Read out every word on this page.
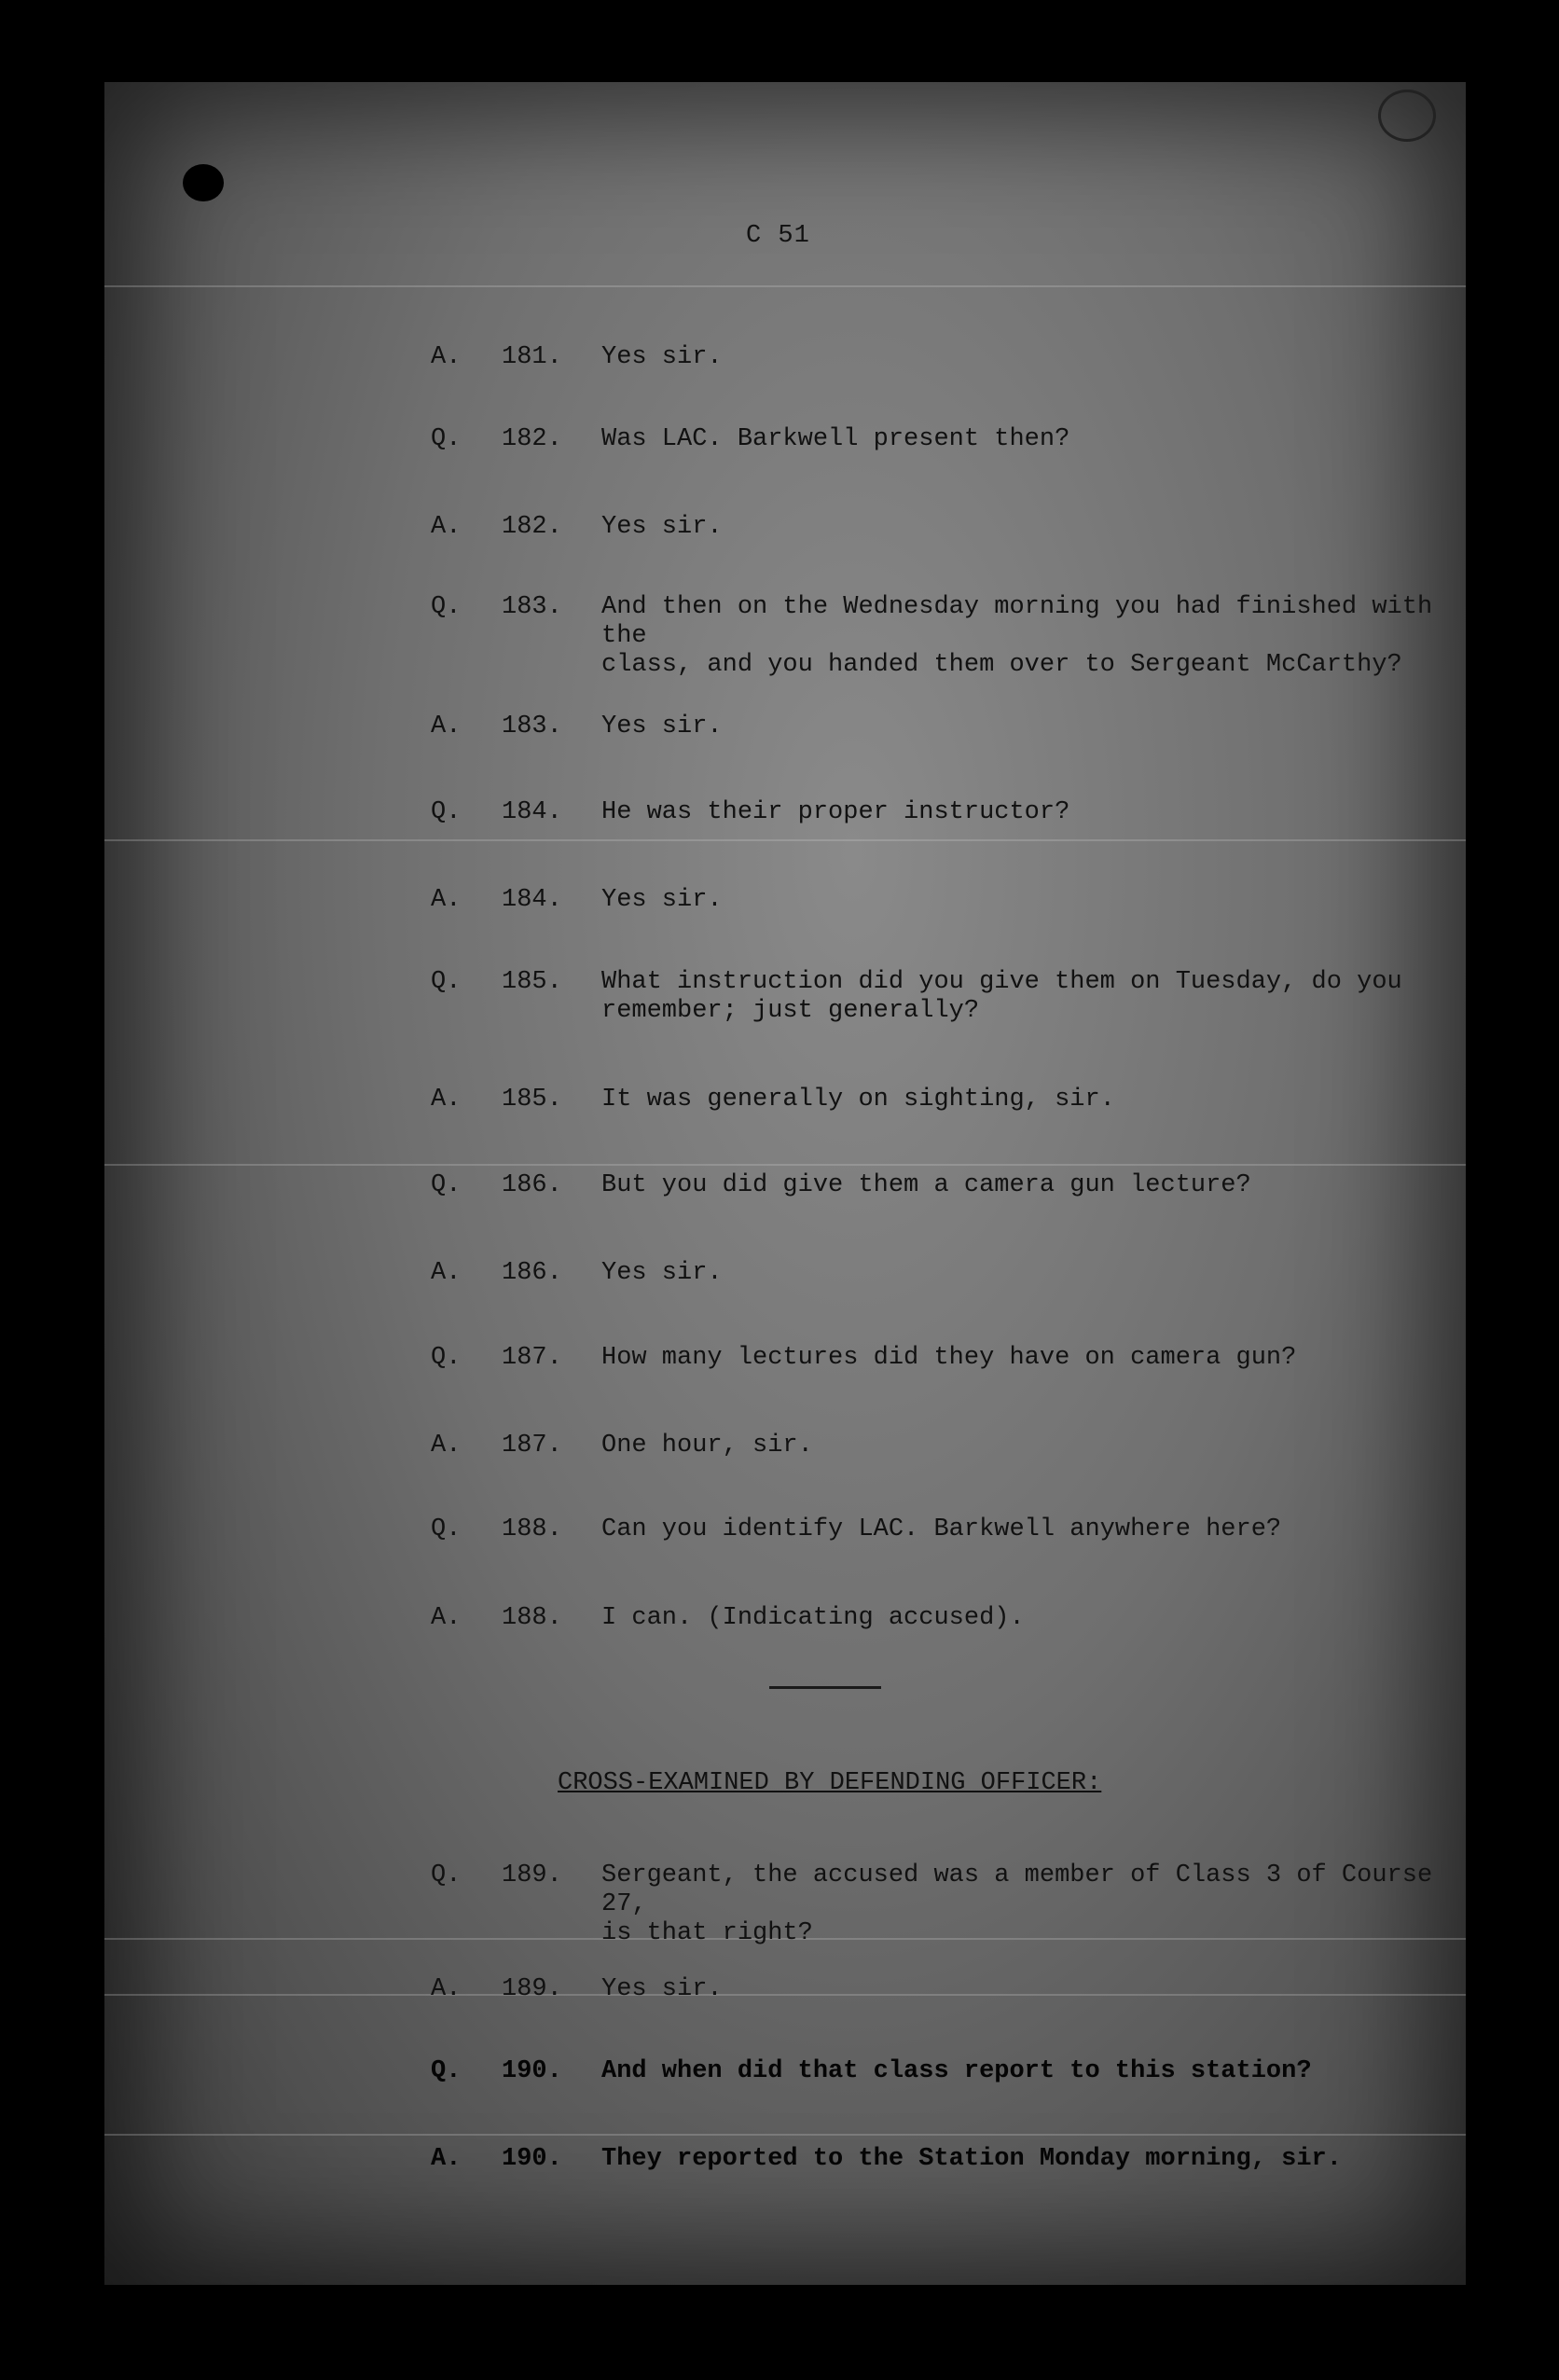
C 51
A. 181. Yes sir.
Q. 182. Was LAC. Barkwell present then?
A. 182. Yes sir.
Q. 183. And then on the Wednesday morning you had finished with the
class, and you handed them over to Sergeant McCarthy?
A. 183. Yes sir.
Q. 184. He was their proper instructor?
A. 184. Yes sir.
Q. 185. What instruction did you give them on Tuesday, do you
remember; just generally?
A. 185. It was generally on sighting, sir.
Q. 186. But you did give them a camera gun lecture?
A. 186. Yes sir.
Q. 187. How many lectures did they have on camera gun?
A. 187. One hour, sir.
Q. 188. Can you identify LAC. Barkwell anywhere here?
A. 188. I can. (Indicating accused).
CROSS-EXAMINED BY DEFENDING OFFICER:
Q. 189. Sergeant, the accused was a member of Class 3 of Course 27,
is that right?
A. 189. Yes sir.
Q. 190. And when did that class report to this station?
A. 190. They reported to the Station Monday morning, sir.
